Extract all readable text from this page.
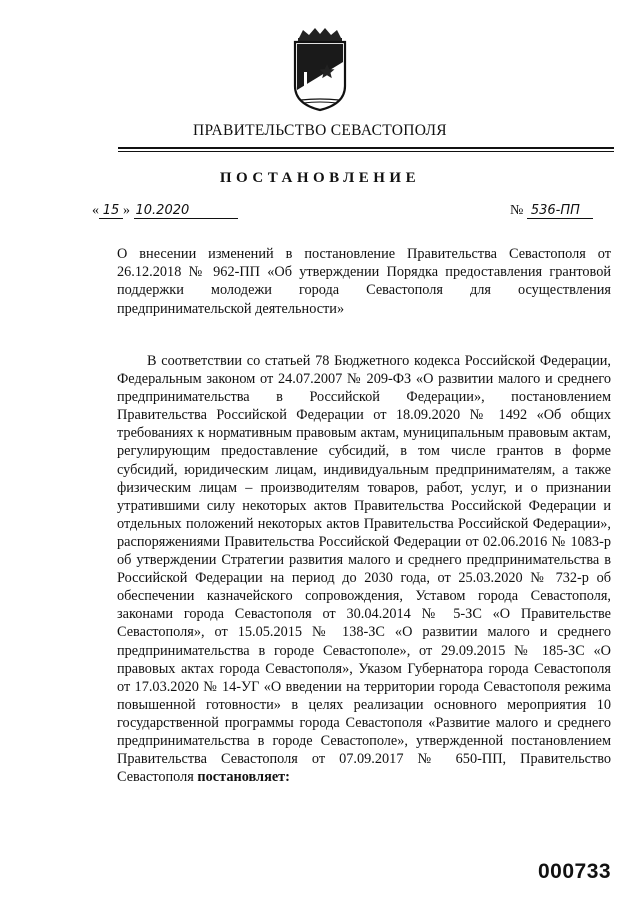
ПРАВИТЕЛЬСТВО СЕВАСТОПОЛЯ
ПОСТАНОВЛЕНИЕ
« 15 » 10.2020	№ 536-ПП
О внесении изменений в постановление Правительства Севастополя от 26.12.2018 № 962-ПП «Об утверждении Порядка предоставления грантовой поддержки молодежи города Севастополя для осуществления предпринимательской деятельности»
В соответствии со статьей 78 Бюджетного кодекса Российской Федерации, Федеральным законом от 24.07.2007 № 209-ФЗ «О развитии малого и среднего предпринимательства в Российской Федерации», постановлением Правительства Российской Федерации от 18.09.2020 № 1492 «Об общих требованиях к нормативным правовым актам, муниципальным правовым актам, регулирующим предоставление субсидий, в том числе грантов в форме субсидий, юридическим лицам, индивидуальным предпринимателям, а также физическим лицам – производителям товаров, работ, услуг, и о признании утратившими силу некоторых актов Правительства Российской Федерации и отдельных положений некоторых актов Правительства Российской Федерации», распоряжениями Правительства Российской Федерации от 02.06.2016 № 1083-р об утверждении Стратегии развития малого и среднего предпринимательства в Российской Федерации на период до 2030 года, от 25.03.2020 № 732-р об обеспечении казначейского сопровождения, Уставом города Севастополя, законами города Севастополя от 30.04.2014 № 5-ЗС «О Правительстве Севастополя», от 15.05.2015 № 138-ЗС «О развитии малого и среднего предпринимательства в городе Севастополе», от 29.09.2015 № 185-ЗС «О правовых актах города Севастополя», Указом Губернатора города Севастополя от 17.03.2020 № 14-УГ «О введении на территории города Севастополя режима повышенной готовности» в целях реализации основного мероприятия 10 государственной программы города Севастополя «Развитие малого и среднего предпринимательства в городе Севастополе», утвержденной постановлением Правительства Севастополя от 07.09.2017 № 650-ПП, Правительство Севастополя постановляет:
000733
